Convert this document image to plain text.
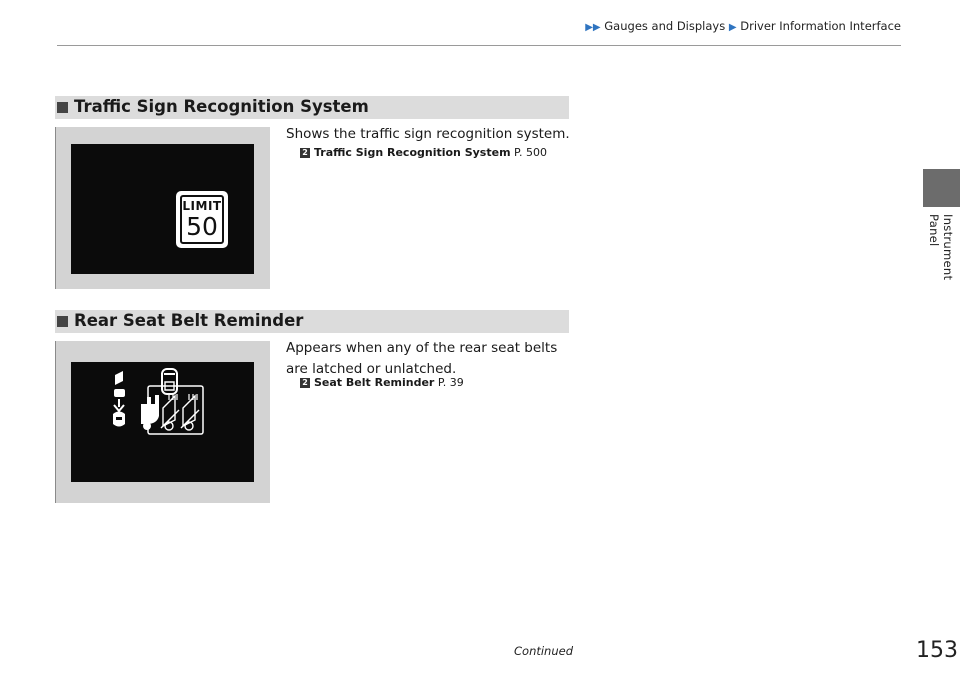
▶▶ Gauges and Displays ▶ Driver Information Interface
Instrument Panel
Traffic Sign Recognition System
LIMIT
50
Shows the traffic sign recognition system.
2 Traffic Sign Recognition System P. 500
Rear Seat Belt Reminder
Appears when any of the rear seat belts are latched or unlatched.
2 Seat Belt Reminder P. 39
Continued	153
